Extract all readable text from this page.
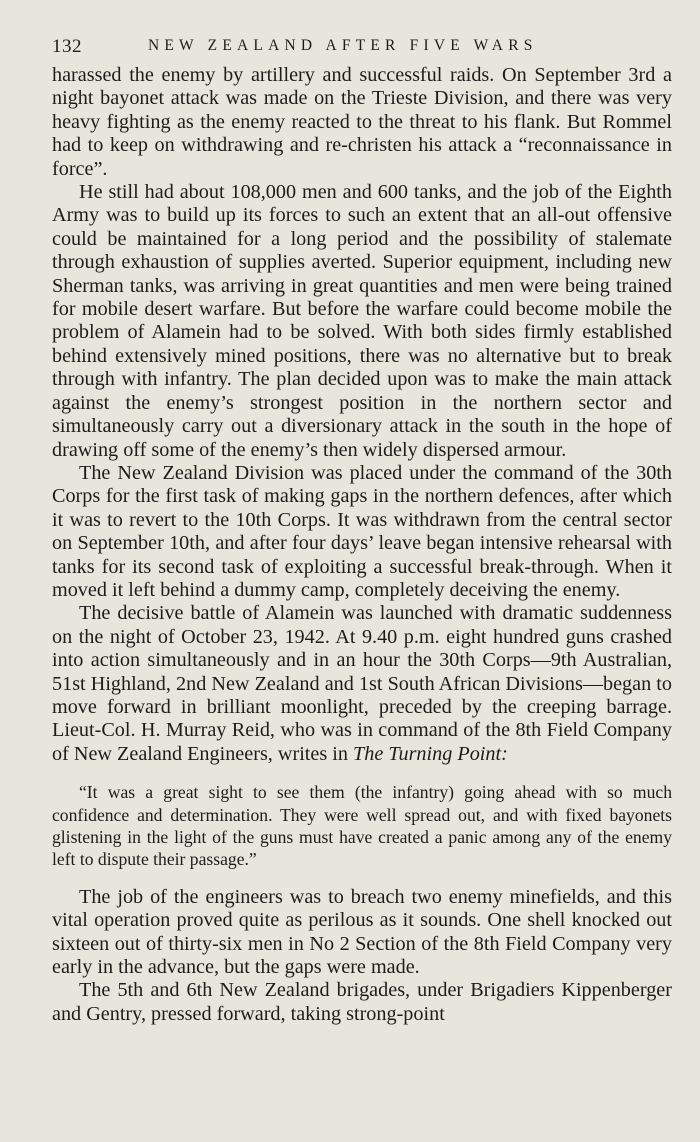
132	NEW ZEALAND AFTER FIVE WARS

harassed the enemy by artillery and successful raids. On September 3rd a night bayonet attack was made on the Trieste Division, and there was very heavy fighting as the enemy reacted to the threat to his flank. But Rommel had to keep on withdrawing and re-christen his attack a “reconnaissance in force”.

He still had about 108,000 men and 600 tanks, and the job of the Eighth Army was to build up its forces to such an extent that an all-out offensive could be maintained for a long period and the possibility of stalemate through exhaustion of supplies averted. Superior equipment, including new Sherman tanks, was arriving in great quantities and men were being trained for mobile desert warfare. But before the warfare could become mobile the problem of Alamein had to be solved. With both sides firmly established behind extensively mined positions, there was no alternative but to break through with infantry. The plan decided upon was to make the main attack against the enemy’s strongest position in the northern sector and simultaneously carry out a diversionary attack in the south in the hope of drawing off some of the enemy’s then widely dispersed armour.

The New Zealand Division was placed under the command of the 30th Corps for the first task of making gaps in the northern defences, after which it was to revert to the 10th Corps. It was withdrawn from the central sector on September 10th, and after four days’ leave began intensive rehearsal with tanks for its second task of exploiting a successful break-through. When it moved it left behind a dummy camp, completely deceiving the enemy.

The decisive battle of Alamein was launched with dramatic suddenness on the night of October 23, 1942. At 9.40 p.m. eight hundred guns crashed into action simultaneously and in an hour the 30th Corps—9th Australian, 51st Highland, 2nd New Zealand and 1st South African Divisions—began to move forward in brilliant moonlight, preceded by the creeping barrage. Lieut-Col. H. Murray Reid, who was in command of the 8th Field Company of New Zealand Engineers, writes in The Turning Point:

“It was a great sight to see them (the infantry) going ahead with so much confidence and determination. They were well spread out, and with fixed bayonets glistening in the light of the guns must have created a panic among any of the enemy left to dispute their passage.”

The job of the engineers was to breach two enemy minefields, and this vital operation proved quite as perilous as it sounds. One shell knocked out sixteen out of thirty-six men in No 2 Section of the 8th Field Company very early in the advance, but the gaps were made.

The 5th and 6th New Zealand brigades, under Brigadiers Kippenberger and Gentry, pressed forward, taking strong-point
